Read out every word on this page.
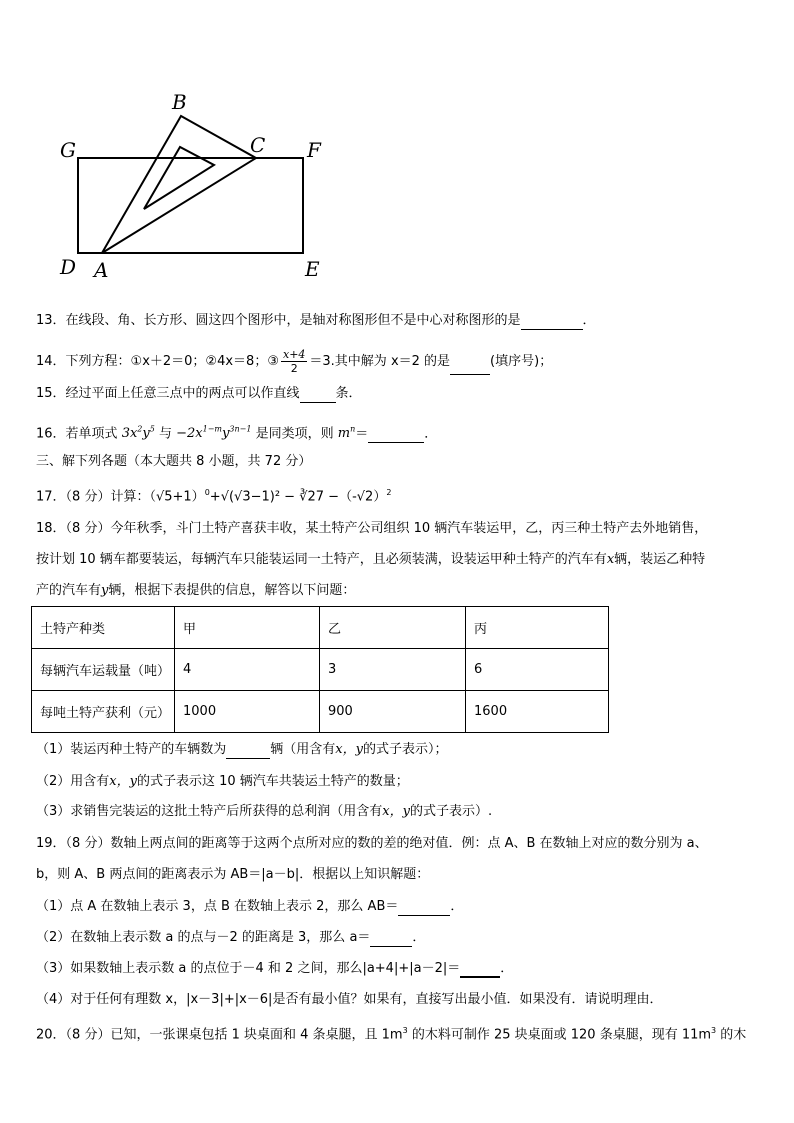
B
C
G	F
D A	E
13．在线段、角、长方形、圆这四个图形中，是轴对称图形但不是中心对称图形的是	．
14．下列方程：①x＋2＝0；②4x＝8；③ $\frac{x+4}{2} =3$.其中解为 x＝2 的是	(填序号)；
15．经过平面上任意三点中的两点可以作直线	条．
16．若单项式 $3x^2y^5$ 与 $-2x^{1-m}y^{3n-1}$ 是同类项，则 $m^n=$	．
三、解下列各题（本大题共 8 小题，共 72 分）
17．（8 分）计算：$(√5+1)^0+√(√3-1)^2$ − ∛27 $-(-√2)^2$
18．（8 分）今年秋季，斗门土特产喜获丰收，某土特产公司组织 10 辆汽车装运甲，乙，丙三种土特产去外地销售，
按计划 10 辆车都要装运，每辆汽车只能装运同一土特产，且必须装满，设装运甲种土特产的汽车有x辆，装运乙种特
产的汽车有y辆，根据下表提供的信息，解答以下问题：
土特产种类	甲	乙	丙
每辆汽车运载量（吨）	4	3	6
每吨土特产获利（元）	1000	900	1600
（1）装运丙种土特产的车辆数为	辆（用含有x，y的式子表示）；
（2）用含有x，y的式子表示这 10 辆汽车共装运土特产的数量；
（3）求销售完装运的这批土特产后所获得的总利润（用含有x，y的式子表示）.
19．（8 分）数轴上两点间的距离等于这两个点所对应的数的差的绝对值．例：点 A、B 在数轴上对应的数分别为 a、
b，则 A、B 两点间的距离表示为 AB＝|a－b|．根据以上知识解题：
（1）点 A 在数轴上表示 3，点 B 在数轴上表示 2，那么 AB＝	．
（2）在数轴上表示数 a 的点与－2 的距离是 3，那么 a＝	．
（3）如果数轴上表示数 a 的点位于－4 和 2 之间，那么|a+4|+|a－2|＝	．
（4）对于任何有理数 x，|x－3|+|x－6|是否有最小值？如果有，直接写出最小值．如果没有．请说明理由．
20．（8 分）已知，一张课桌包括 1 块桌面和 4 条桌腿，且 $1m^3$ 的木料可制作 25 块桌面或 120 条桌腿，现有 $11m^3$ 的木
